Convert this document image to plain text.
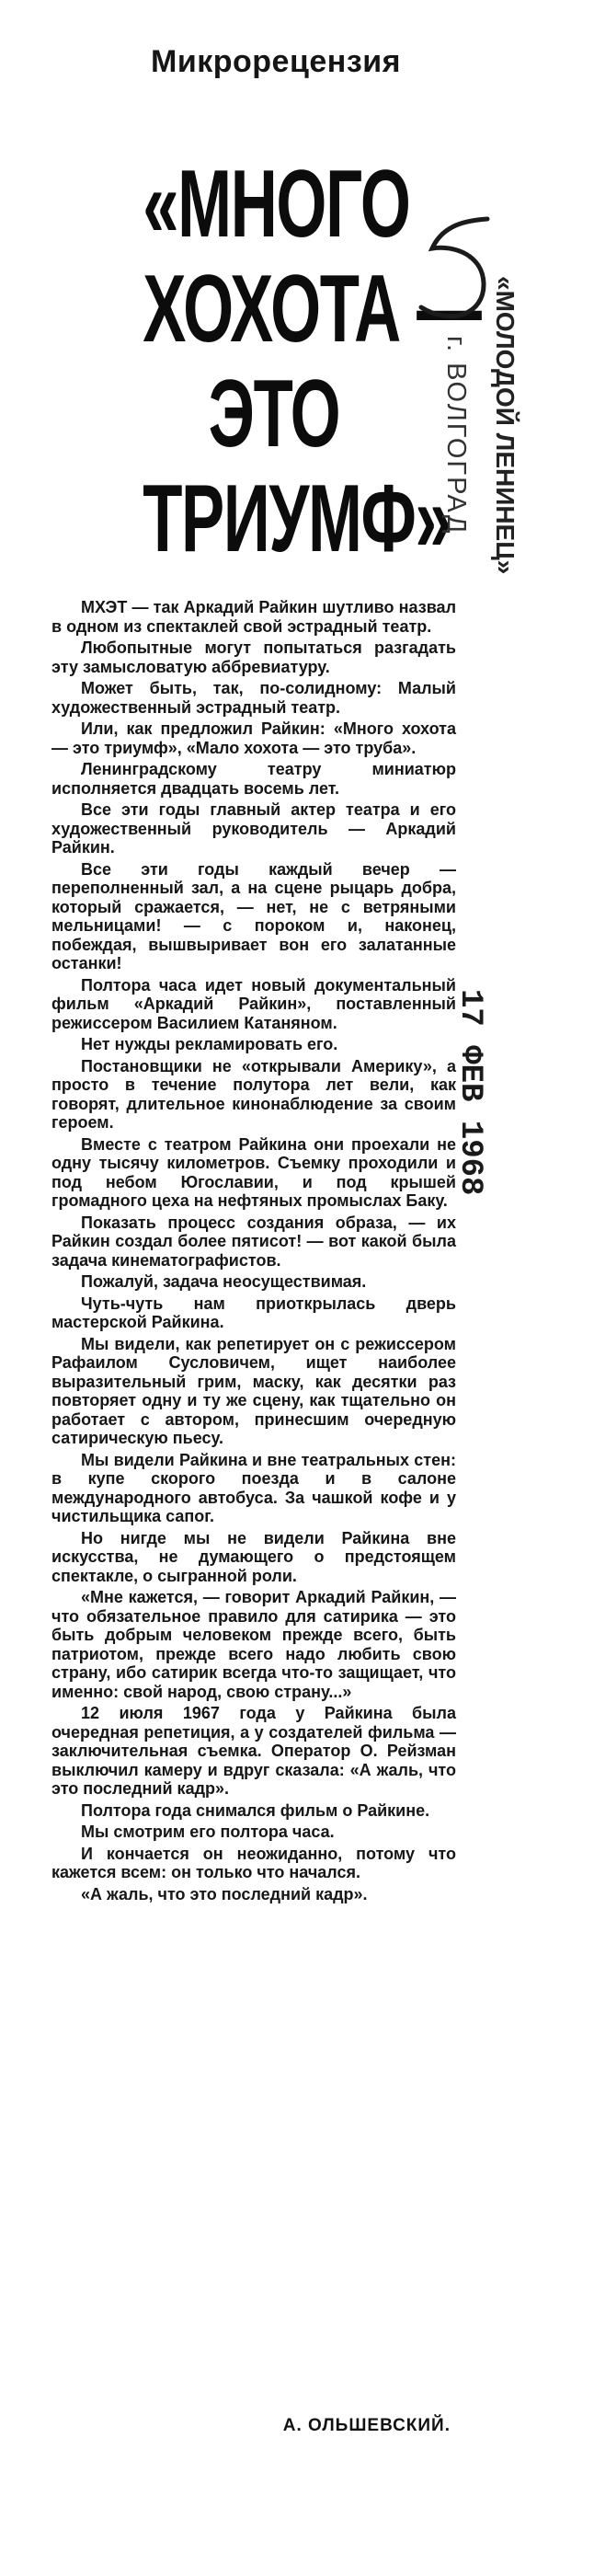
Микрорецензия
«МНОГО
ХОХОТА —
ЭТО
ТРИУМФ» «МОЛОДОЙ ЛЕНИНЕЦ»
г. ВОЛГОГРАД
17 ФЕВ 1968

МХЭТ — так Аркадий Райкин шутливо назвал в одном из спектаклей свой эстрадный театр.

Любопытные могут попытаться разгадать эту замысловатую аббревиатуру.

Может быть, так, по-солидному: Малый художественный эстрадный театр.

Или, как предложил Райкин: «Много хохота — это триумф», «Мало хохота — это труба».

Ленинградскому театру миниатюр исполняется двадцать восемь лет.

Все эти годы главный актер театра и его художественный руководитель — Аркадий Райкин.

Все эти годы каждый вечер — переполненный зал, а на сцене рыцарь добра, который сражается, — нет, не с ветряными мельницами! — с пороком и, наконец, побеждая, вышвыривает вон его залатанные останки!

Полтора часа идет новый документальный фильм «Аркадий Райкин», поставленный режиссером Василием Катаняном.

Нет нужды рекламировать его.

Постановщики не «открывали Америку», а просто в течение полутора лет вели, как говорят, длительное кинонаблюдение за своим героем.

Вместе с театром Райкина они проехали не одну тысячу километров. Съемку проходили и под небом Югославии, и под крышей громадного цеха на нефтяных промыслах Баку.

Показать процесс создания образа, — их Райкин создал более пятисот! — вот какой была задача кинематографистов.

Пожалуй, задача неосуществимая.

Чуть-чуть нам приоткрылась дверь мастерской Райкина.

Мы видели, как репетирует он с режиссером Рафаилом Сусловичем, ищет наиболее выразительный грим, маску, как десятки раз повторяет одну и ту же сцену, как тщательно он работает с автором, принесшим очередную сатирическую пьесу.

Мы видели Райкина и вне театральных стен: в купе скорого поезда и в салоне международного автобуса. За чашкой кофе и у чистильщика сапог.

Но нигде мы не видели Райкина вне искусства, не думающего о предстоящем спектакле, о сыгранной роли.

«Мне кажется, — говорит Аркадий Райкин, — что обязательное правило для сатирика — это быть добрым человеком прежде всего, быть патриотом, прежде всего надо любить свою страну, ибо сатирик всегда что-то защищает, что именно: свой народ, свою страну...»

12 июля 1967 года у Райкина была очередная репетиция, а у создателей фильма — заключительная съемка. Оператор О. Рейзман выключил камеру и вдруг сказала: «А жаль, что это последний кадр».

Полтора года снимался фильм о Райкине.

Мы смотрим его полтора часа.

И кончается он неожиданно, потому что кажется всем: он только что начался.

«А жаль, что это последний кадр».

А. ОЛЬШЕВСКИЙ.
